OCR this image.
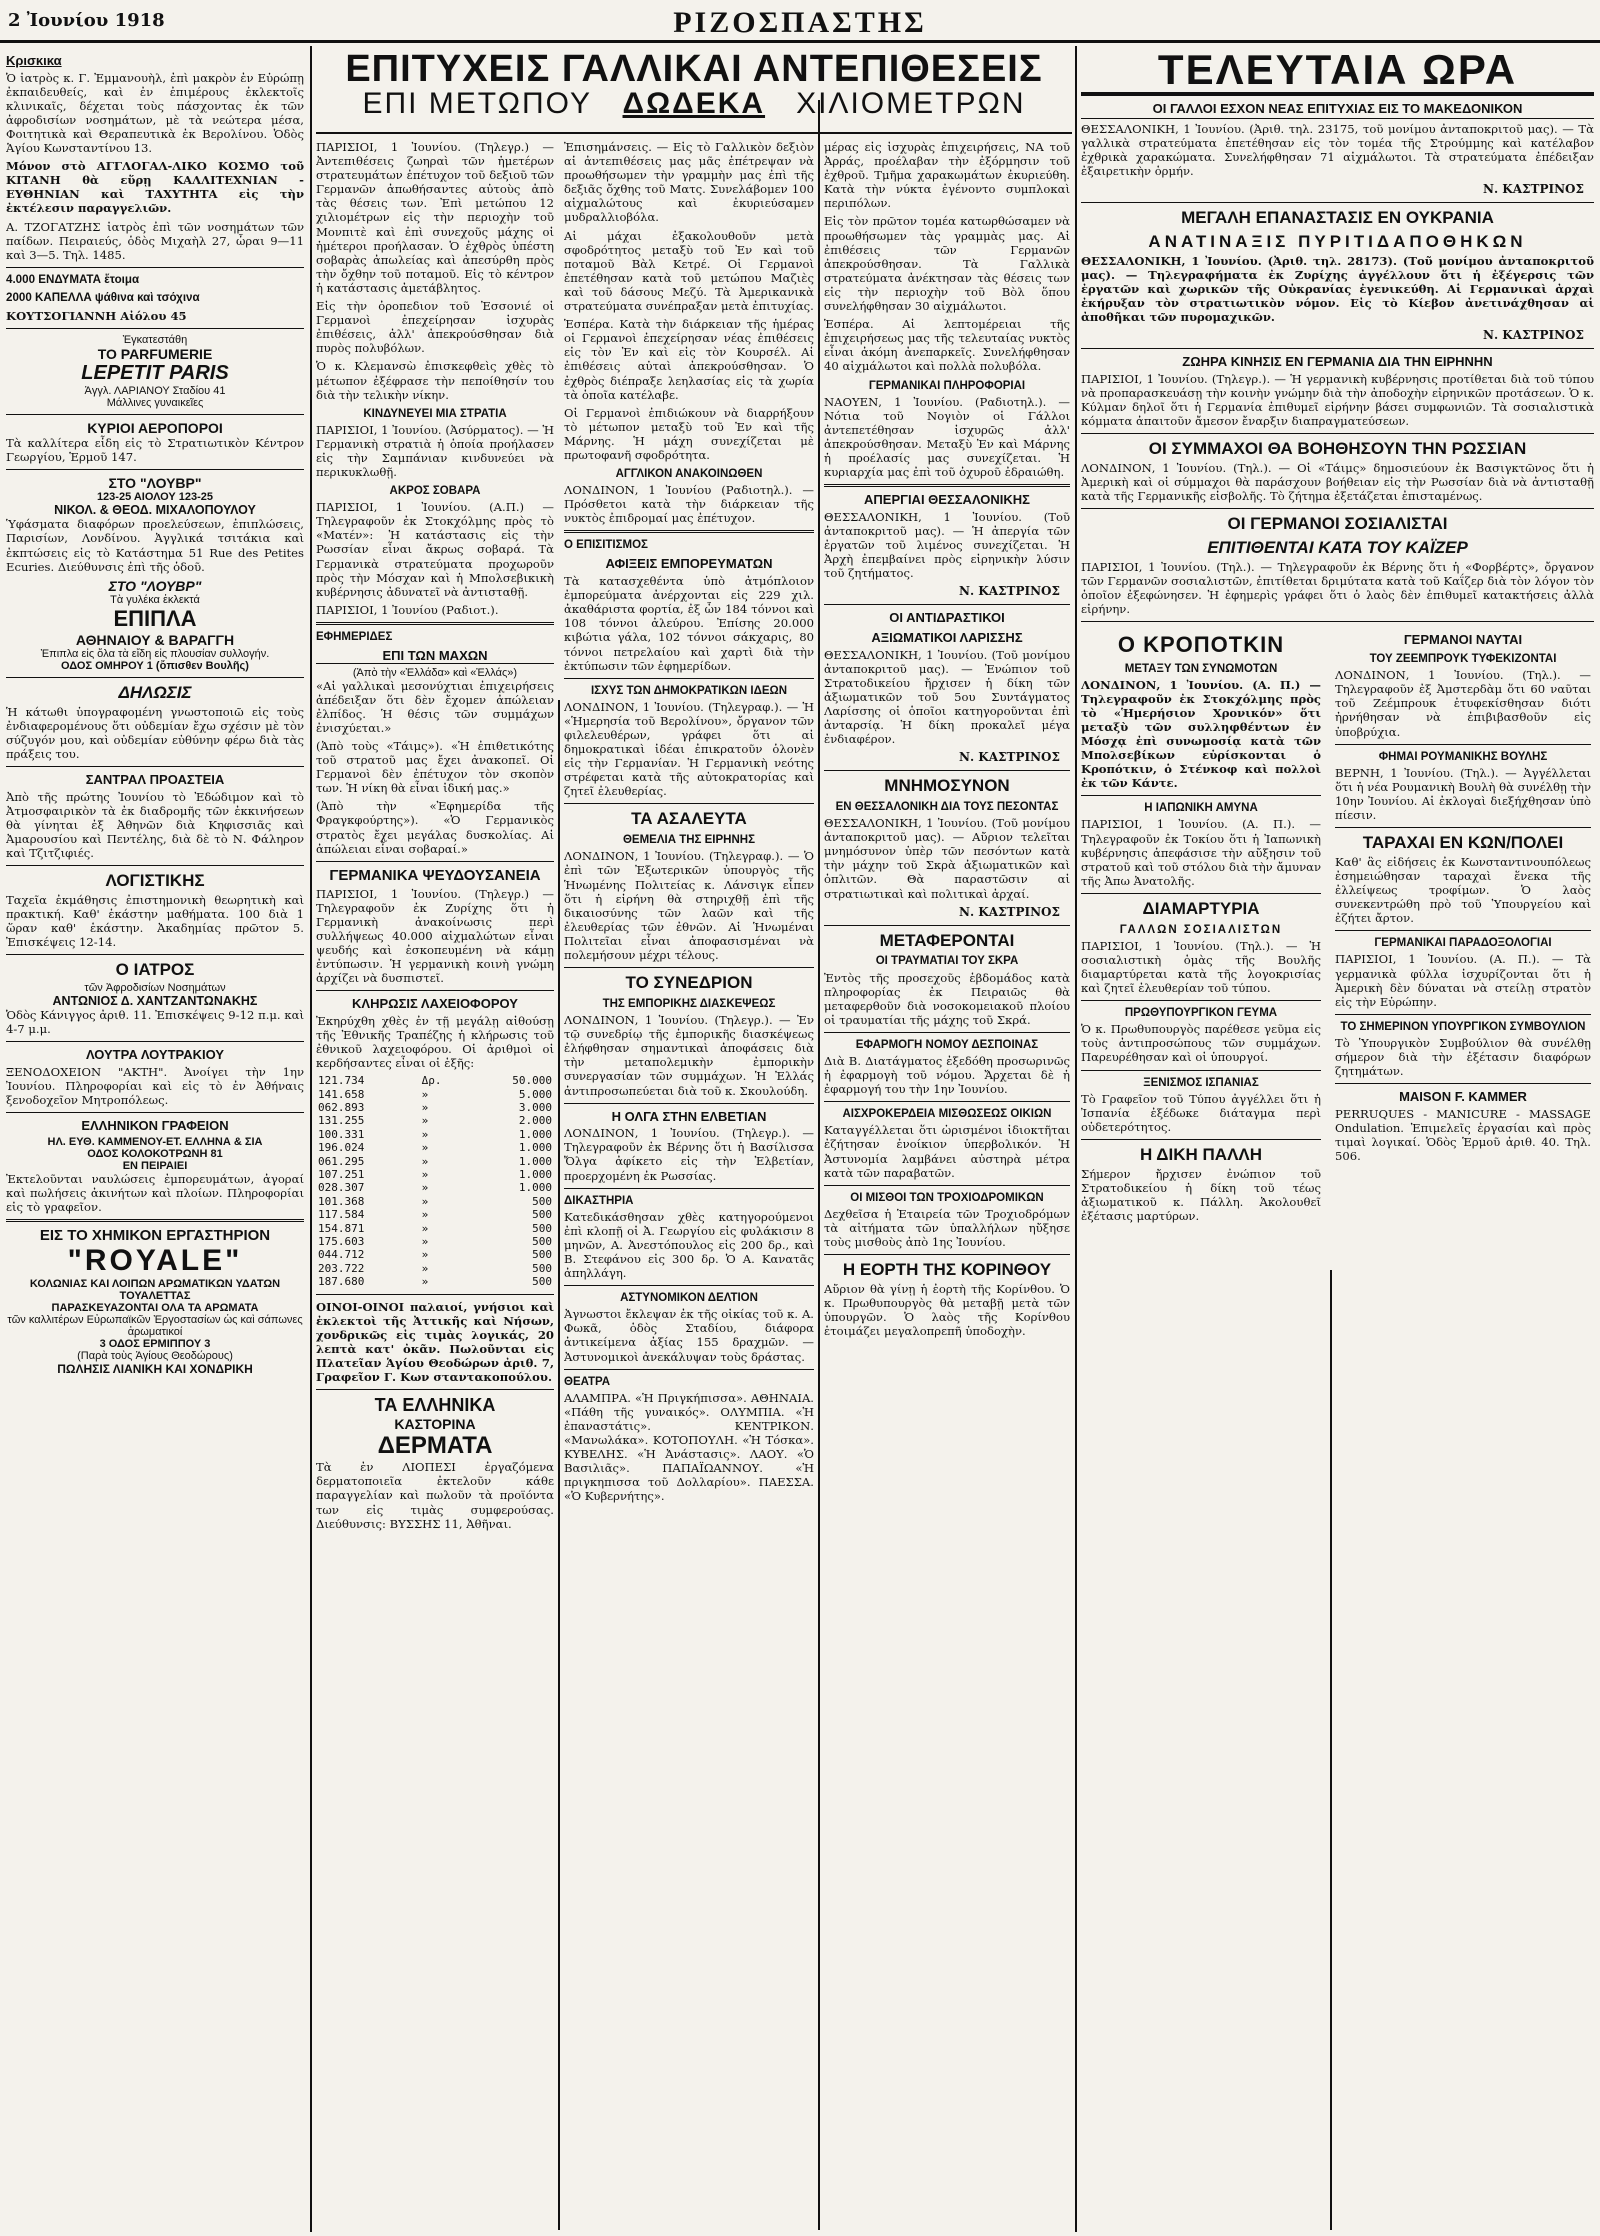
2 Ἰουνίου 1918	ΡΙΖΟΣΠΑΣΤΗΣ
Κρισκικα

Ὁ ἰατρὸς κ. Γ. Ἐμμανουὴλ, ἐπὶ μακρὸν ἐν Εὐρώπῃ ἐκπαιδευθείς, καὶ ἐν ἐπιμέρους ἐκλεκτοῖς κλινικαῖς, δέχεται τοὺς πάσχοντας ἐκ τῶν ἀφροδισίων νοσημάτων, μὲ τὰ νεώτερα μέσα, Φοιτητικὰ καὶ Θεραπευτικὰ ἐκ Βερολίνου. Ὁδὸς Ἁγίου Κωνσταντίνου 13.

Μόνον στὸ ΑΓΓΛΟΓΑΛ-ΛΙΚΟ ΚΟΣΜΟ τοῦ ΚΙΤΑΝΗ θὰ εὕρῃ ΚΑΛΛΙΤΕΧΝΙΑΝ - ΕΥΘΗΝΙΑΝ καὶ ΤΑΧΥΤΗΤΑ εἰς τὴν ἐκτέλεσιν παραγγελιῶν.

Α. ΤΖΟΓΑΤΖΗΣ ἰατρὸς ἐπὶ τῶν νοσημάτων τῶν παίδων. Πειραιεύς, ὁδὸς Μιχαὴλ 27, ὧραι 9—11 καὶ 3—5. Τηλ. 1485.

4.000 ΕΝΔΥΜΑΤΑ ἕτοιμα

2000 ΚΑΠΕΛΛΑ ψάθινα καὶ τσόχινα

ΚΟΥΤΣΟΓΙΑΝΝΗ Αἰόλου 45

Ἐγκατεστάθη
ΤΟ PARFUMERIE
LEPETIT PARIS
Ἀγγλ. ΛΑΡΙΑΝΟΥ Σταδίου 41
Μάλλινες γυναικεῖες
ΚΥΡΙΟΙ ΑΕΡΟΠΟΡΟΙ

Τὰ καλλίτερα εἶδη εἰς τὸ Στρατιωτικὸν Κέντρον Γεωργίου, Ἑρμοῦ 147.

ΣΤΟ "ΛΟΥΒΡ"
123-25 ΑΙΟΛΟΥ 123-25
ΝΙΚΟΛ. & ΘΕΟΔ. ΜΙΧΑΛΟΠΟΥΛΟΥ

Ὑφάσματα διαφόρων προελεύσεων, ἐπιπλώσεις, Παρισίων, Λονδίνου. Ἀγγλικά τσιτάκια καὶ ἐκπτώσεις εἰς τὸ Κατάστημα 51 Rue des Petites Ecuries. Διεύθυνσις ἐπὶ τῆς ὁδοῦ.

ΣΤΟ "ΛΟΥΒΡ"
Τὰ γυλέκα ἐκλεκτά
ΕΠΙΠΛΑ
ΑΘΗΝΑΙΟΥ & ΒΑΡΑΓΓΗ
Ἐπιπλα εἰς ὅλα τὰ εἴδη εἰς πλουσίαν συλλογήν.
ΟΔΟΣ ΟΜΗΡΟΥ 1 (ὄπισθεν Βουλῆς)
ΔΗΛΩΣΙΣ

Ἡ κάτωθι ὑπογραφομένη γνωστοποιῶ εἰς τοὺς ἐνδιαφερομένους ὅτι οὐδεμίαν ἔχω σχέσιν μὲ τὸν σύζυγόν μου, καὶ οὐδεμίαν εὐθύνην φέρω διὰ τὰς πράξεις του.

ΣΑΝΤΡΑΛ ΠΡΟΑΣΤΕΙΑ

Ἀπὸ τῆς πρώτης Ἰουνίου τὸ Ἐδώδιμον καὶ τὸ Ἀτμοσφαιρικὸν τὰ ἐκ διαδρομῆς τῶν ἐκκινήσεων θὰ γίνηται ἐξ Ἀθηνῶν διὰ Κηφισσιᾶς καὶ Ἀμαρουσίου καὶ Πεντέλης, διὰ δὲ τὸ Ν. Φάληρον καὶ Τζιτζιφιές.

ΛΟΓΙΣΤΙΚΗΣ

Ταχεῖα ἐκμάθησις ἐπιστημονικὴ θεωρητικὴ καὶ πρακτική. Καθ' ἑκάστην μαθήματα. 100 διὰ 1 ὥραν καθ' ἑκάστην. Ἀκαδημίας πρῶτον 5. Ἐπισκέψεις 12-14.

Ο ΙΑΤΡΟΣ
τῶν Ἀφροδισίων Νοσημάτων
ΑΝΤΩΝΙΟΣ Δ. ΧΑΝΤΖΑΝΤΩΝΑΚΗΣ

Ὁδὸς Κάνιγγος ἀριθ. 11. Ἐπισκέψεις 9-12 π.μ. καὶ 4-7 μ.μ.

ΛΟΥΤΡΑ ΛΟΥΤΡΑΚΙΟΥ

ΞΕΝΟΔΟΧΕΙΟΝ "ΑΚΤΗ". Ἀνοίγει τὴν 1ην Ἰουνίου. Πληροφορίαι καὶ εἰς τὸ ἐν Ἀθήναις ξενοδοχεῖον Μητροπόλεως.

ΕΛΛΗΝΙΚΟΝ ΓΡΑΦΕΙΟΝ
ΗΛ. ΕΥΘ. ΚΑΜΜΕΝΟΥ-ΕΤ. ΕΛΛΗΝΑ & ΣΙΑ
ΟΔΟΣ ΚΟΛΟΚΟΤΡΩΝΗ 81
ΕΝ ΠΕΙΡΑΙΕΙ

Ἐκτελοῦνται ναυλώσεις ἐμπορευμάτων, ἀγοραί καὶ πωλήσεις ἀκινήτων καὶ πλοίων. Πληροφορίαι εἰς τὸ γραφεῖον.

ΕΙΣ ΤΟ ΧΗΜΙΚΟΝ ΕΡΓΑΣΤΗΡΙΟΝ
"ROYALE"
ΚΟΛΩΝΙΑΣ ΚΑΙ ΛΟΙΠΩΝ ΑΡΩΜΑΤΙΚΩΝ ΥΔΑΤΩΝ ΤΟΥΑΛΕΤΤΑΣ
ΠΑΡΑΣΚΕΥΑΖΟΝΤΑΙ ΟΛΑ ΤΑ ΑΡΩΜΑΤΑ
τῶν καλλιτέρων Εὐρωπαϊκῶν Ἐργοστασίων ὡς καὶ σάπωνες ἀρωματικοί
3 ΟΔΟΣ ΕΡΜΙΠΠΟΥ 3
(Παρὰ τοὺς Ἁγίους Θεοδώρους)
ΠΩΛΗΣΙΣ ΛΙΑΝΙΚΗ ΚΑΙ ΧΟΝΔΡΙΚΗ
ΕΠΙΤΥΧΕΙΣ ΓΑΛΛΙΚΑΙ ΑΝΤΕΠΙΘΕΣΕΙΣ
ΕΠΙ ΜΕΤΩΠΟΥ ΔΩΔΕΚΑ ΧΙΛΙΟΜΕΤΡΩΝ

ΠΑΡΙΣΙΟΙ, 1 Ἰουνίου. (Τηλεγρ.) — Ἀντεπιθέσεις ζωηραὶ τῶν ἡμετέρων στρατευμάτων ἐπέτυχον τοῦ δεξιοῦ τῶν Γερμανῶν ἀπωθήσαντες αὐτοὺς ἀπὸ τὰς θέσεις των. Ἐπὶ μετώπου 12 χιλιομέτρων εἰς τὴν περιοχὴν τοῦ Μονπιτὲ καὶ ἐπὶ συνεχοῦς μάχης οἱ ἡμέτεροι προήλασαν. Ὁ ἐχθρὸς ὑπέστη σοβαρὰς ἀπωλείας καὶ ἀπεσύρθη πρὸς τὴν ὄχθην τοῦ ποταμοῦ. Εἰς τὸ κέντρον ἡ κατάστασις ἀμετάβλητος.

Εἰς τὴν ὀροπεδιον τοῦ Ἐσσονιέ οἱ Γερμανοὶ ἐπεχείρησαν ἰσχυρὰς ἐπιθέσεις, ἀλλ' ἀπεκρούσθησαν διὰ πυρὸς πολυβόλων.

Ὁ κ. Κλεμανσὼ ἐπισκεφθεὶς χθὲς τὸ μέτωπον ἐξέφρασε τὴν πεποίθησίν του διὰ τὴν τελικὴν νίκην.

ΚΙΝΔΥΝΕΥΕΙ ΜΙΑ ΣΤΡΑΤΙΑ

ΠΑΡΙΣΙΟΙ, 1 Ἰουνίου. (Ἀσύρματος). — Ἡ Γερμανικὴ στρατιὰ ἡ ὁποία προήλασεν εἰς τὴν Σαμπάνιαν κινδυνεύει νὰ περικυκλωθῇ.

ΑΚΡΟΣ ΣΟΒΑΡΑ

ΠΑΡΙΣΙΟΙ, 1 Ἰουνίου. (Α.Π.) — Τηλεγραφοῦν ἐκ Στοκχόλμης πρὸς τὸ «Ματέν»: Ἡ κατάστασις εἰς τὴν Ρωσσίαν εἶναι ἄκρως σοβαρά. Τὰ Γερμανικὰ στρατεύματα προχωροῦν πρὸς τὴν Μόσχαν καὶ ἡ Μπολσεβικικὴ κυβέρνησις ἀδυνατεῖ νὰ ἀντισταθῇ.

ΠΑΡΙΣΙΟΙ, 1 Ἰουνίου (Ραδιοτ.).

ΕΦΗΜΕΡΙΔΕΣ
ΕΠΙ ΤΩΝ ΜΑΧΩΝ
(Ἀπὸ τὴν «Ἑλλάδα» καὶ «Ἑλλάς»)

«Αἱ γαλλικαὶ μεσονύχτιαι ἐπιχειρήσεις ἀπέδειξαν ὅτι δὲν ἔχομεν ἀπώλειαν ἐλπίδος. Ἡ θέσις τῶν συμμάχων ἐνισχύεται.»

(Ἀπὸ τοὺς «Τάιμς»). «Ἡ ἐπιθετικότης τοῦ στρατοῦ μας ἔχει ἀνακοπεῖ. Οἱ Γερμανοὶ δὲν ἐπέτυχον τὸν σκοπὸν των. Ἡ νίκη θὰ εἶναι ἰδική μας.»

(Ἀπὸ τὴν «Ἐφημερίδα τῆς Φραγκφούρτης»). «Ὁ Γερμανικὸς στρατὸς ἔχει μεγάλας δυσκολίας. Αἱ ἀπώλειαι εἶναι σοβαραί.»

ΓΕΡΜΑΝΙΚΑ ΨΕΥΔΟΥΣΑΝΕΙΑ

ΠΑΡΙΣΙΟΙ, 1 Ἰουνίου. (Τηλεγρ.) — Τηλεγραφοῦν ἐκ Ζυρίχης ὅτι ἡ Γερμανικὴ ἀνακοίνωσις περὶ συλλήψεως 40.000 αἰχμαλώτων εἶναι ψευδής καὶ ἐσκοπευμένη νὰ κάμῃ ἐντύπωσιν. Ἡ γερμανικὴ κοινὴ γνώμη ἀρχίζει νὰ δυσπιστεῖ.

ΚΛΗΡΩΣΙΣ ΛΑΧΕΙΟΦΟΡΟΥ

Ἐκηρύχθη χθὲς ἐν τῇ μεγάλῃ αἰθούσῃ τῆς Ἐθνικῆς Τραπέζης ἡ κλήρωσις τοῦ ἐθνικοῦ λαχειοφόρου. Οἱ ἀριθμοὶ οἱ κερδήσαντες εἶναι οἱ ἑξῆς:

121.734	Δρ.	50.000
141.658	»	5.000
062.893	»	3.000
131.255	»	2.000
100.331	»	1.000
196.024	»	1.000
061.295	»	1.000
107.251	»	1.000
028.307	»	1.000
101.368	»	500
117.584	»	500
154.871	»	500
175.603	»	500
044.712	»	500
203.722	»	500
187.680	»	500

ΟΙΝΟΙ-ΟΙΝΟΙ παλαιοί, γνήσιοι καὶ ἐκλεκτοὶ τῆς Ἀττικῆς καὶ Νήσων, χονδρικῶς εἰς τιμὰς λογικάς, 20 λεπτὰ κατ' ὀκᾶν. Πωλοῦνται εἰς Πλατεῖαν Ἁγίου Θεοδώρων ἀριθ. 7, Γραφεῖον Γ. Κων σταντακοπούλου.

ΤΑ ΕΛΛΗΝΙΚΑ
ΚΑΣΤΟΡΙΝΑ
ΔΕΡΜΑΤΑ

Τὰ ἐν ΛΙΟΠΕΣΙ ἐργαζόμενα δερματοποιεῖα ἐκτελοῦν κάθε παραγγελίαν καὶ πωλοῦν τὰ προϊόντα των εἰς τιμὰς συμφερούσας. Διεύθυνσις: ΒΥΣΣΗΣ 11, Ἀθῆναι.

Ἐπισημάνσεις. — Εἰς τὸ Γαλλικὸν δεξιὸν αἱ ἀντεπιθέσεις μας μᾶς ἐπέτρεψαν νὰ προωθήσωμεν τὴν γραμμὴν μας ἐπὶ τῆς δεξιᾶς ὄχθης τοῦ Ματς. Συνελάβομεν 100 αἰχμαλώτους καὶ ἐκυριεύσαμεν μυδραλλιοβόλα.

Αἱ μάχαι ἐξακολουθοῦν μετὰ σφοδρότητος μεταξὺ τοῦ Ἐν καὶ τοῦ ποταμοῦ Βὰλ Κετρέ. Οἱ Γερμανοὶ ἐπετέθησαν κατὰ τοῦ μετώπου Μαζιὲς καὶ τοῦ δάσους Μεζύ. Τὰ Ἀμερικανικὰ στρατεύματα συνέπραξαν μετὰ ἐπιτυχίας.

Ἑσπέρα. Κατὰ τὴν διάρκειαν τῆς ἡμέρας οἱ Γερμανοὶ ἐπεχείρησαν νέας ἐπιθέσεις εἰς τὸν Ἐν καὶ εἰς τὸν Κουρσέλ. Αἱ ἐπιθέσεις αὐταὶ ἀπεκρούσθησαν. Ὁ ἐχθρὸς διέπραξε λεηλασίας εἰς τὰ χωρία τὰ ὁποῖα κατέλαβε.

Οἱ Γερμανοὶ ἐπιδιώκουν νὰ διαρρήξουν τὸ μέτωπον μεταξὺ τοῦ Ἐν καὶ τῆς Μάρνης. Ἡ μάχη συνεχίζεται μὲ πρωτοφανῆ σφοδρότητα.

ΑΓΓΛΙΚΟΝ ΑΝΑΚΟΙΝΩΘΕΝ

ΛΟΝΔΙΝΟΝ, 1 Ἰουνίου (Ραδιοτηλ.). — Πρόσθετοι κατὰ τὴν διάρκειαν τῆς νυκτὸς ἐπιδρομαί μας ἐπέτυχον.

Ο ΕΠΙΣΙΤΙΣΜΟΣ
ΑΦΙΞΕΙΣ ΕΜΠΟΡΕΥΜΑΤΩΝ

Τὰ κατασχεθέντα ὑπὸ ἀτμόπλοιον ἐμπορεύματα ἀνέρχονται εἰς 229 χιλ. ἀκαθάριστα φορτία, ἐξ ὧν 184 τόννοι καὶ 108 τόννοι ἀλεύρου. Ἐπίσης 20.000 κιβώτια γάλα, 102 τόννοι σάκχαρις, 80 τόννοι πετρελαίου καὶ χαρτὶ διὰ τὴν ἐκτύπωσιν τῶν ἐφημερίδων.

ΙΣΧΥΣ ΤΩΝ ΔΗΜΟΚΡΑΤΙΚΩΝ ΙΔΕΩΝ

ΛΟΝΔΙΝΟΝ, 1 Ἰουνίου. (Τηλεγραφ.). — Ἡ «Ἡμερησία τοῦ Βερολίνου», ὄργανον τῶν φιλελευθέρων, γράφει ὅτι αἱ δημοκρατικαὶ ἰδέαι ἐπικρατοῦν ὁλονὲν εἰς τὴν Γερμανίαν. Ἡ Γερμανικὴ νεότης στρέφεται κατὰ τῆς αὐτοκρατορίας καὶ ζητεῖ ἐλευθερίας.

ΤΑ ΑΣΑΛΕΥΤΑ
ΘΕΜΕΛΙΑ ΤΗΣ ΕΙΡΗΝΗΣ

ΛΟΝΔΙΝΟΝ, 1 Ἰουνίου. (Τηλεγραφ.). — Ὁ ἐπὶ τῶν Ἐξωτερικῶν ὑπουργὸς τῆς Ἡνωμένης Πολιτείας κ. Λάνσιγκ εἶπεν ὅτι ἡ εἰρήνη θὰ στηριχθῇ ἐπὶ τῆς δικαιοσύνης τῶν λαῶν καὶ τῆς ἐλευθερίας τῶν ἐθνῶν. Αἱ Ἡνωμέναι Πολιτεῖαι εἶναι ἀποφασισμέναι νὰ πολεμήσουν μέχρι τέλους.

ΤΟ ΣΥΝΕΔΡΙΟΝ
ΤΗΣ ΕΜΠΟΡΙΚΗΣ ΔΙΑΣΚΕΨΕΩΣ

ΛΟΝΔΙΝΟΝ, 1 Ἰουνίου. (Τηλεγρ.). — Ἐν τῷ συνεδρίῳ τῆς ἐμπορικῆς διασκέψεως ἐλήφθησαν σημαντικαὶ ἀποφάσεις διὰ τὴν μεταπολεμικὴν ἐμπορικὴν συνεργασίαν τῶν συμμάχων. Ἡ Ἐλλάς ἀντιπροσωπεύεται διὰ τοῦ κ. Σκουλούδη.

Η ΟΛΓΑ ΣΤΗΝ ΕΛΒΕΤΙΑΝ

ΛΟΝΔΙΝΟΝ, 1 Ἰουνίου. (Τηλεγρ.). — Τηλεγραφοῦν ἐκ Βέρνης ὅτι ἡ Βασίλισσα Ὄλγα ἀφίκετο εἰς τὴν Ἑλβετίαν, προερχομένη ἐκ Ρωσσίας.

ΔΙΚΑΣΤΗΡΙΑ

Κατεδικάσθησαν χθὲς κατηγορούμενοι ἐπὶ κλοπῇ οἱ Ἀ. Γεωργίου εἰς φυλάκισιν 8 μηνῶν, Α. Ἀνεστόπουλος εἰς 200 δρ., καὶ Β. Στεφάνου εἰς 300 δρ. Ὁ Α. Κανατᾶς ἀπηλλάγη.

ΑΣΤΥΝΟΜΙΚΟΝ ΔΕΛΤΙΟΝ

Ἀγνωστοι ἔκλεψαν ἐκ τῆς οἰκίας τοῦ κ. Α. Φωκᾶ, ὁδὸς Σταδίου, διάφορα ἀντικείμενα ἀξίας 155 δραχμῶν. — Ἀστυνομικοὶ ἀνεκάλυψαν τοὺς δράστας.

ΘΕΑΤΡΑ

ΑΛΑΜΠΡΑ. «Ἡ Πριγκήπισσα». ΑΘΗΝΑΙΑ. «Πάθη τῆς γυναικός». ΟΛΥΜΠΙΑ. «Ἡ ἐπαναστάτις». ΚΕΝΤΡΙΚΟΝ. «Μανωλάκα». ΚΟΤΟΠΟΥΛΗ. «Ἡ Τόσκα». ΚΥΒΕΛΗΣ. «Ἡ Ἀνάστασις». ΛΑΟΥ. «Ὁ Βασιλιᾶς». ΠΑΠΑΪΩΑΝΝΟΥ. «Ἡ πριγκηπισσα τοῦ Δολλαρίου». ΠΑΕΣΣΑ. «Ὁ Κυβερνήτης».

μέρας εἰς ἰσχυρὰς ἐπιχειρήσεις, ΝΑ τοῦ Ἀρράς, προέλαβαν τὴν ἐξόρμησιν τοῦ ἐχθροῦ. Τμῆμα χαρακωμάτων ἐκυριεύθη. Κατὰ τὴν νύκτα ἐγένοντο συμπλοκαὶ περιπόλων.

Εἰς τὸν πρῶτον τομέα κατωρθώσαμεν νὰ προωθήσωμεν τὰς γραμμὰς μας. Αἱ ἐπιθέσεις τῶν Γερμανῶν ἀπεκρούσθησαν. Τὰ Γαλλικὰ στρατεύματα ἀνέκτησαν τὰς θέσεις των εἰς τὴν περιοχὴν τοῦ Βὸλ ὅπου συνελήφθησαν 30 αἰχμάλωτοι.

Ἑσπέρα. Αἱ λεπτομέρειαι τῆς ἐπιχειρήσεως μας τῆς τελευταίας νυκτὸς εἶναι ἀκόμη ἀνεπαρκεῖς. Συνελήφθησαν 40 αἰχμάλωτοι καὶ πολλὰ πολυβόλα.

ΓΕΡΜΑΝΙΚΑΙ ΠΛΗΡΟΦΟΡΙΑΙ

ΝΑΟΥΕΝ, 1 Ἰουνίου. (Ραδιοτηλ.). — Νότια τοῦ Νογιὸν οἱ Γάλλοι ἀντεπετέθησαν ἰσχυρῶς ἀλλ' ἀπεκρούσθησαν. Μεταξὺ Ἐν καὶ Μάρνης ἡ προέλασίς μας συνεχίζεται. Ἡ κυριαρχία μας ἐπὶ τοῦ ὀχυροῦ ἐδραιώθη.

ΑΠΕΡΓΙΑΙ ΘΕΣΣΑΛΟΝΙΚΗΣ

ΘΕΣΣΑΛΟΝΙΚΗ, 1 Ἰουνίου. (Τοῦ ἀνταποκριτοῦ μας). — Ἡ ἀπεργία τῶν ἐργατῶν τοῦ λιμένος συνεχίζεται. Ἡ Ἀρχὴ ἐπεμβαίνει πρὸς εἰρηνικὴν λύσιν τοῦ ζητήματος.

Ν. ΚΑΣΤΡΙΝΟΣ
ΟΙ ΑΝΤΙΔΡΑΣΤΙΚΟΙ
ΑΞΙΩΜΑΤΙΚΟΙ ΛΑΡΙΣΣΗΣ

ΘΕΣΣΑΛΟΝΙΚΗ, 1 Ἰουνίου. (Τοῦ μονίμου ἀνταποκριτοῦ μας). — Ἐνώπιον τοῦ Στρατοδικείου ἤρχισεν ἡ δίκη τῶν ἀξιωματικῶν τοῦ 5ου Συντάγματος Λαρίσσης οἱ ὁποῖοι κατηγοροῦνται ἐπὶ ἀνταρσίᾳ. Ἡ δίκη προκαλεῖ μέγα ἐνδιαφέρον.

Ν. ΚΑΣΤΡΙΝΟΣ
ΜΝΗΜΟΣΥΝΟΝ
ΕΝ ΘΕΣΣΑΛΟΝΙΚΗ ΔΙΑ ΤΟΥΣ ΠΕΣΟΝΤΑΣ

ΘΕΣΣΑΛΟΝΙΚΗ, 1 Ἰουνίου. (Τοῦ μονίμου ἀνταποκριτοῦ μας). — Αὔριον τελεῖται μνημόσυνον ὑπὲρ τῶν πεσόντων κατὰ τὴν μάχην τοῦ Σκρὰ ἀξιωματικῶν καὶ ὁπλιτῶν. Θὰ παραστῶσιν αἱ στρατιωτικαὶ καὶ πολιτικαὶ ἀρχαί.

Ν. ΚΑΣΤΡΙΝΟΣ
ΜΕΤΑΦΕΡΟΝΤΑΙ
ΟΙ ΤΡΑΥΜΑΤΙΑΙ ΤΟΥ ΣΚΡΑ

Ἐντὸς τῆς προσεχοῦς ἑβδομάδος κατὰ πληροφορίας ἐκ Πειραιῶς θὰ μεταφερθοῦν διὰ νοσοκομειακοῦ πλοίου οἱ τραυματίαι τῆς μάχης τοῦ Σκρά.

ΕΦΑΡΜΟΓΗ ΝΟΜΟΥ ΔΕΣΠΟΙΝΑΣ

Διὰ Β. Διατάγματος ἐξεδόθη προσωρινῶς ἡ ἐφαρμογὴ τοῦ νόμου. Ἄρχεται δὲ ἡ ἐφαρμογή του τὴν 1ην Ἰουνίου.

ΑΙΣΧΡΟΚΕΡΔΕΙΑ ΜΙΣΘΩΣΕΩΣ ΟΙΚΙΩΝ

Καταγγέλλεται ὅτι ὠρισμένοι ἰδιοκτῆται ἐζήτησαν ἐνοίκιον ὑπερβολικόν. Ἡ Ἀστυνομία λαμβάνει αὐστηρὰ μέτρα κατὰ τῶν παραβατῶν.

ΟΙ ΜΙΣΘΟΙ ΤΩΝ ΤΡΟΧΙΟΔΡΟΜΙΚΩΝ

Δεχθεῖσα ἡ Ἑταιρεία τῶν Τροχιοδρόμων τὰ αἰτήματα τῶν ὑπαλλήλων ηὔξησε τοὺς μισθοὺς ἀπὸ 1ης Ἰουνίου.

Η ΕΟΡΤΗ ΤΗΣ ΚΟΡΙΝΘΟΥ

Αὔριον θὰ γίνῃ ἡ ἐορτὴ τῆς Κορίνθου. Ὁ κ. Πρωθυπουργὸς θὰ μεταβῇ μετὰ τῶν ὑπουργῶν. Ὁ λαὸς τῆς Κορίνθου ἑτοιμάζει μεγαλοπρεπῆ ὑποδοχὴν.

ΤΕΛΕΥΤΑΙΑ ΩΡΑ
ΟΙ ΓΑΛΛΟΙ ΕΣΧΟΝ ΝΕΑΣ ΕΠΙΤΥΧΙΑΣ ΕΙΣ ΤΟ ΜΑΚΕΔΟΝΙΚΟΝ

ΘΕΣΣΑΛΟΝΙΚΗ, 1 Ἰουνίου. (Ἀριθ. τηλ. 23175, τοῦ μονίμου ἀνταποκριτοῦ μας). — Τὰ γαλλικὰ στρατεύματα ἐπετέθησαν εἰς τὸν τομέα τῆς Στρούμμης καὶ κατέλαβον ἐχθρικὰ χαρακώματα. Συνελήφθησαν 71 αἰχμάλωτοι. Τὰ στρατεύματα ἐπέδειξαν ἐξαιρετικὴν ὁρμήν.

Ν. ΚΑΣΤΡΙΝΟΣ
ΜΕΓΑΛΗ ΕΠΑΝΑΣΤΑΣΙΣ ΕΝ ΟΥΚΡΑΝΙΑ
ΑΝΑΤΙΝΑΞΙΣ ΠΥΡΙΤΙΔΑΠΟΘΗΚΩΝ

ΘΕΣΣΑΛΟΝΙΚΗ, 1 Ἰουνίου. (Ἀριθ. τηλ. 28173). (Τοῦ μονίμου ἀνταποκριτοῦ μας). — Τηλεγραφήματα ἐκ Ζυρίχης ἀγγέλλουν ὅτι ἡ ἐξέγερσις τῶν ἐργατῶν καὶ χωρικῶν τῆς Οὐκρανίας ἐγενικεύθη. Αἱ Γερμανικαὶ ἀρχαὶ ἐκήρυξαν τὸν στρατιωτικὸν νόμον. Εἰς τὸ Κίεβον ἀνετινάχθησαν αἱ ἀποθῆκαι τῶν πυρομαχικῶν.

Ν. ΚΑΣΤΡΙΝΟΣ
ΖΩΗΡΑ ΚΙΝΗΣΙΣ ΕΝ ΓΕΡΜΑΝΙΑ ΔΙΑ ΤΗΝ ΕΙΡΗΝΗΝ

ΠΑΡΙΣΙΟΙ, 1 Ἰουνίου. (Τηλεγρ.). — Ἡ γερμανικὴ κυβέρνησις προτίθεται διὰ τοῦ τύπου νὰ προπαρασκευάσῃ τὴν κοινὴν γνώμην διὰ τὴν ἀποδοχὴν εἰρηνικῶν προτάσεων. Ὁ κ. Κύλμαν δηλοῖ ὅτι ἡ Γερμανία ἐπιθυμεῖ εἰρήνην βάσει συμφωνιῶν. Τὰ σοσιαλιστικὰ κόμματα ἀπαιτοῦν ἄμεσον ἔναρξιν διαπραγματεύσεων.

ΟΙ ΣΥΜΜΑΧΟΙ ΘΑ ΒΟΗΘΗΣΟΥΝ ΤΗΝ ΡΩΣΣΙΑΝ

ΛΟΝΔΙΝΟΝ, 1 Ἰουνίου. (Τηλ.). — Οἱ «Τάιμς» δημοσιεύουν ἐκ Βασιγκτῶνος ὅτι ἡ Ἀμερικὴ καὶ οἱ σύμμαχοι θὰ παράσχουν βοήθειαν εἰς τὴν Ρωσσίαν διὰ νὰ ἀντισταθῇ κατὰ τῆς Γερμανικῆς εἰσβολῆς. Τὸ ζήτημα ἐξετάζεται ἐπισταμένως.

ΟΙ ΓΕΡΜΑΝΟΙ ΣΟΣΙΑΛΙΣΤΑΙ
ΕΠΙΤΙΘΕΝΤΑΙ ΚΑΤΑ ΤΟΥ ΚΑΪΖΕΡ

ΠΑΡΙΣΙΟΙ, 1 Ἰουνίου. (Τηλ.). — Τηλεγραφοῦν ἐκ Βέρνης ὅτι ἡ «Φορβέρτς», ὄργανον τῶν Γερμανῶν σοσιαλιστῶν, ἐπιτίθεται δριμύτατα κατὰ τοῦ Καΐζερ διὰ τὸν λόγον τὸν ὁποῖον ἐξεφώνησεν. Ἡ ἐφημερὶς γράφει ὅτι ὁ λαὸς δὲν ἐπιθυμεῖ κατακτήσεις ἀλλὰ εἰρήνην.

Ο ΚΡΟΠΟΤΚΙΝ
ΜΕΤΑΞΥ ΤΩΝ ΣΥΝΩΜΟΤΩΝ

ΛΟΝΔΙΝΟΝ, 1 Ἰουνίου. (Α. Π.) — Τηλεγραφοῦν ἐκ Στοκχόλμης πρὸς τὸ «Ἡμερήσιον Χρονικόν» ὅτι μεταξὺ τῶν συλληφθέντων ἐν Μόσχᾳ ἐπὶ συνωμοσίᾳ κατὰ τῶν Μπολσεβίκων εὑρίσκονται ὁ Κροπότκιν, ὁ Στένκοφ καὶ πολλοὶ ἐκ τῶν Κάντε.

Η ΙΑΠΩΝΙΚΗ ΑΜΥΝΑ

ΠΑΡΙΣΙΟΙ, 1 Ἰουνίου. (Α. Π.). — Τηλεγραφοῦν ἐκ Τοκίου ὅτι ἡ Ἰαπωνικὴ κυβέρνησις ἀπεφάσισε τὴν αὔξησιν τοῦ στρατοῦ καὶ τοῦ στόλου διὰ τὴν ἄμυναν τῆς Ἀπω Ἀνατολῆς.

ΔΙΑΜΑΡΤΥΡΙΑ
ΓΑΛΛΩΝ ΣΟΣΙΑΛΙΣΤΩΝ

ΠΑΡΙΣΙΟΙ, 1 Ἰουνίου. (Τηλ.). — Ἡ σοσιαλιστικὴ ὁμὰς τῆς Βουλῆς διαμαρτύρεται κατὰ τῆς λογοκρισίας καὶ ζητεῖ ἐλευθερίαν τοῦ τύπου.

ΠΡΩΘΥΠΟΥΡΓΙΚΟΝ ΓΕΥΜΑ

Ὁ κ. Πρωθυπουργὸς παρέθεσε γεῦμα εἰς τοὺς ἀντιπροσώπους τῶν συμμάχων. Παρευρέθησαν καὶ οἱ ὑπουργοί.

ΞΕΝΙΣΜΟΣ ΙΣΠΑΝΙΑΣ

Τὸ Γραφεῖον τοῦ Τύπου ἀγγέλλει ὅτι ἡ Ἰσπανία ἐξέδωκε διάταγμα περὶ οὐδετερότητος.

Η ΔΙΚΗ ΠΑΛΛΗ

Σήμερον ἤρχισεν ἐνώπιον τοῦ Στρατοδικείου ἡ δίκη τοῦ τέως ἀξιωματικοῦ κ. Πάλλη. Ἀκολουθεῖ ἐξέτασις μαρτύρων.

ΓΕΡΜΑΝΟΙ ΝΑΥΤΑΙ
ΤΟΥ ΖΕΕΜΠΡΟΥΚ ΤΥΦΕΚΙΖΟΝΤΑΙ

ΛΟΝΔΙΝΟΝ, 1 Ἰουνίου. (Τηλ.). — Τηλεγραφοῦν ἐξ Ἀμστερδὰμ ὅτι 60 ναῦται τοῦ Ζεέμπρουκ ἐτυφεκίσθησαν διότι ἠρνήθησαν νὰ ἐπιβιβασθοῦν εἰς ὑποβρύχια.

ΦΗΜΑΙ ΡΟΥΜΑΝΙΚΗΣ ΒΟΥΛΗΣ

ΒΕΡΝΗ, 1 Ἰουνίου. (Τηλ.). — Ἀγγέλλεται ὅτι ἡ νέα Ρουμανικὴ Βουλὴ θὰ συνέλθῃ τὴν 10ην Ἰουνίου. Αἱ ἐκλογαὶ διεξήχθησαν ὑπὸ πίεσιν.

ΤΑΡΑΧΑΙ ΕΝ ΚΩΝ/ΠΟΛΕΙ

Καθ' ἃς εἰδήσεις ἐκ Κωνσταντινουπόλεως ἐσημειώθησαν ταραχαὶ ἕνεκα τῆς ἐλλείψεως τροφίμων. Ὁ λαὸς συνεκεντρώθη πρὸ τοῦ Ὑπουργείου καὶ ἐζήτει ἄρτον.

ΓΕΡΜΑΝΙΚΑΙ ΠΑΡΑΔΟΞΟΛΟΓΙΑΙ

ΠΑΡΙΣΙΟΙ, 1 Ἰουνίου. (Α. Π.). — Τὰ γερμανικὰ φύλλα ἰσχυρίζονται ὅτι ἡ Ἀμερικὴ δὲν δύναται νὰ στείλῃ στρατὸν εἰς τὴν Εὐρώπην.

ΤΟ ΣΗΜΕΡΙΝΟΝ ΥΠΟΥΡΓΙΚΟΝ ΣΥΜΒΟΥΛΙΟΝ

Τὸ Ὑπουργικὸν Συμβούλιον θὰ συνέλθῃ σήμερον διὰ τὴν ἐξέτασιν διαφόρων ζητημάτων.

MAISON F. KAMMER

PERRUQUES - MANICURE - MASSAGE Ondulation. Ἐπιμελεῖς ἐργασίαι καὶ πρὸς τιμαὶ λογικαί. Ὁδὸς Ἑρμοῦ ἀριθ. 40. Τηλ. 506.
